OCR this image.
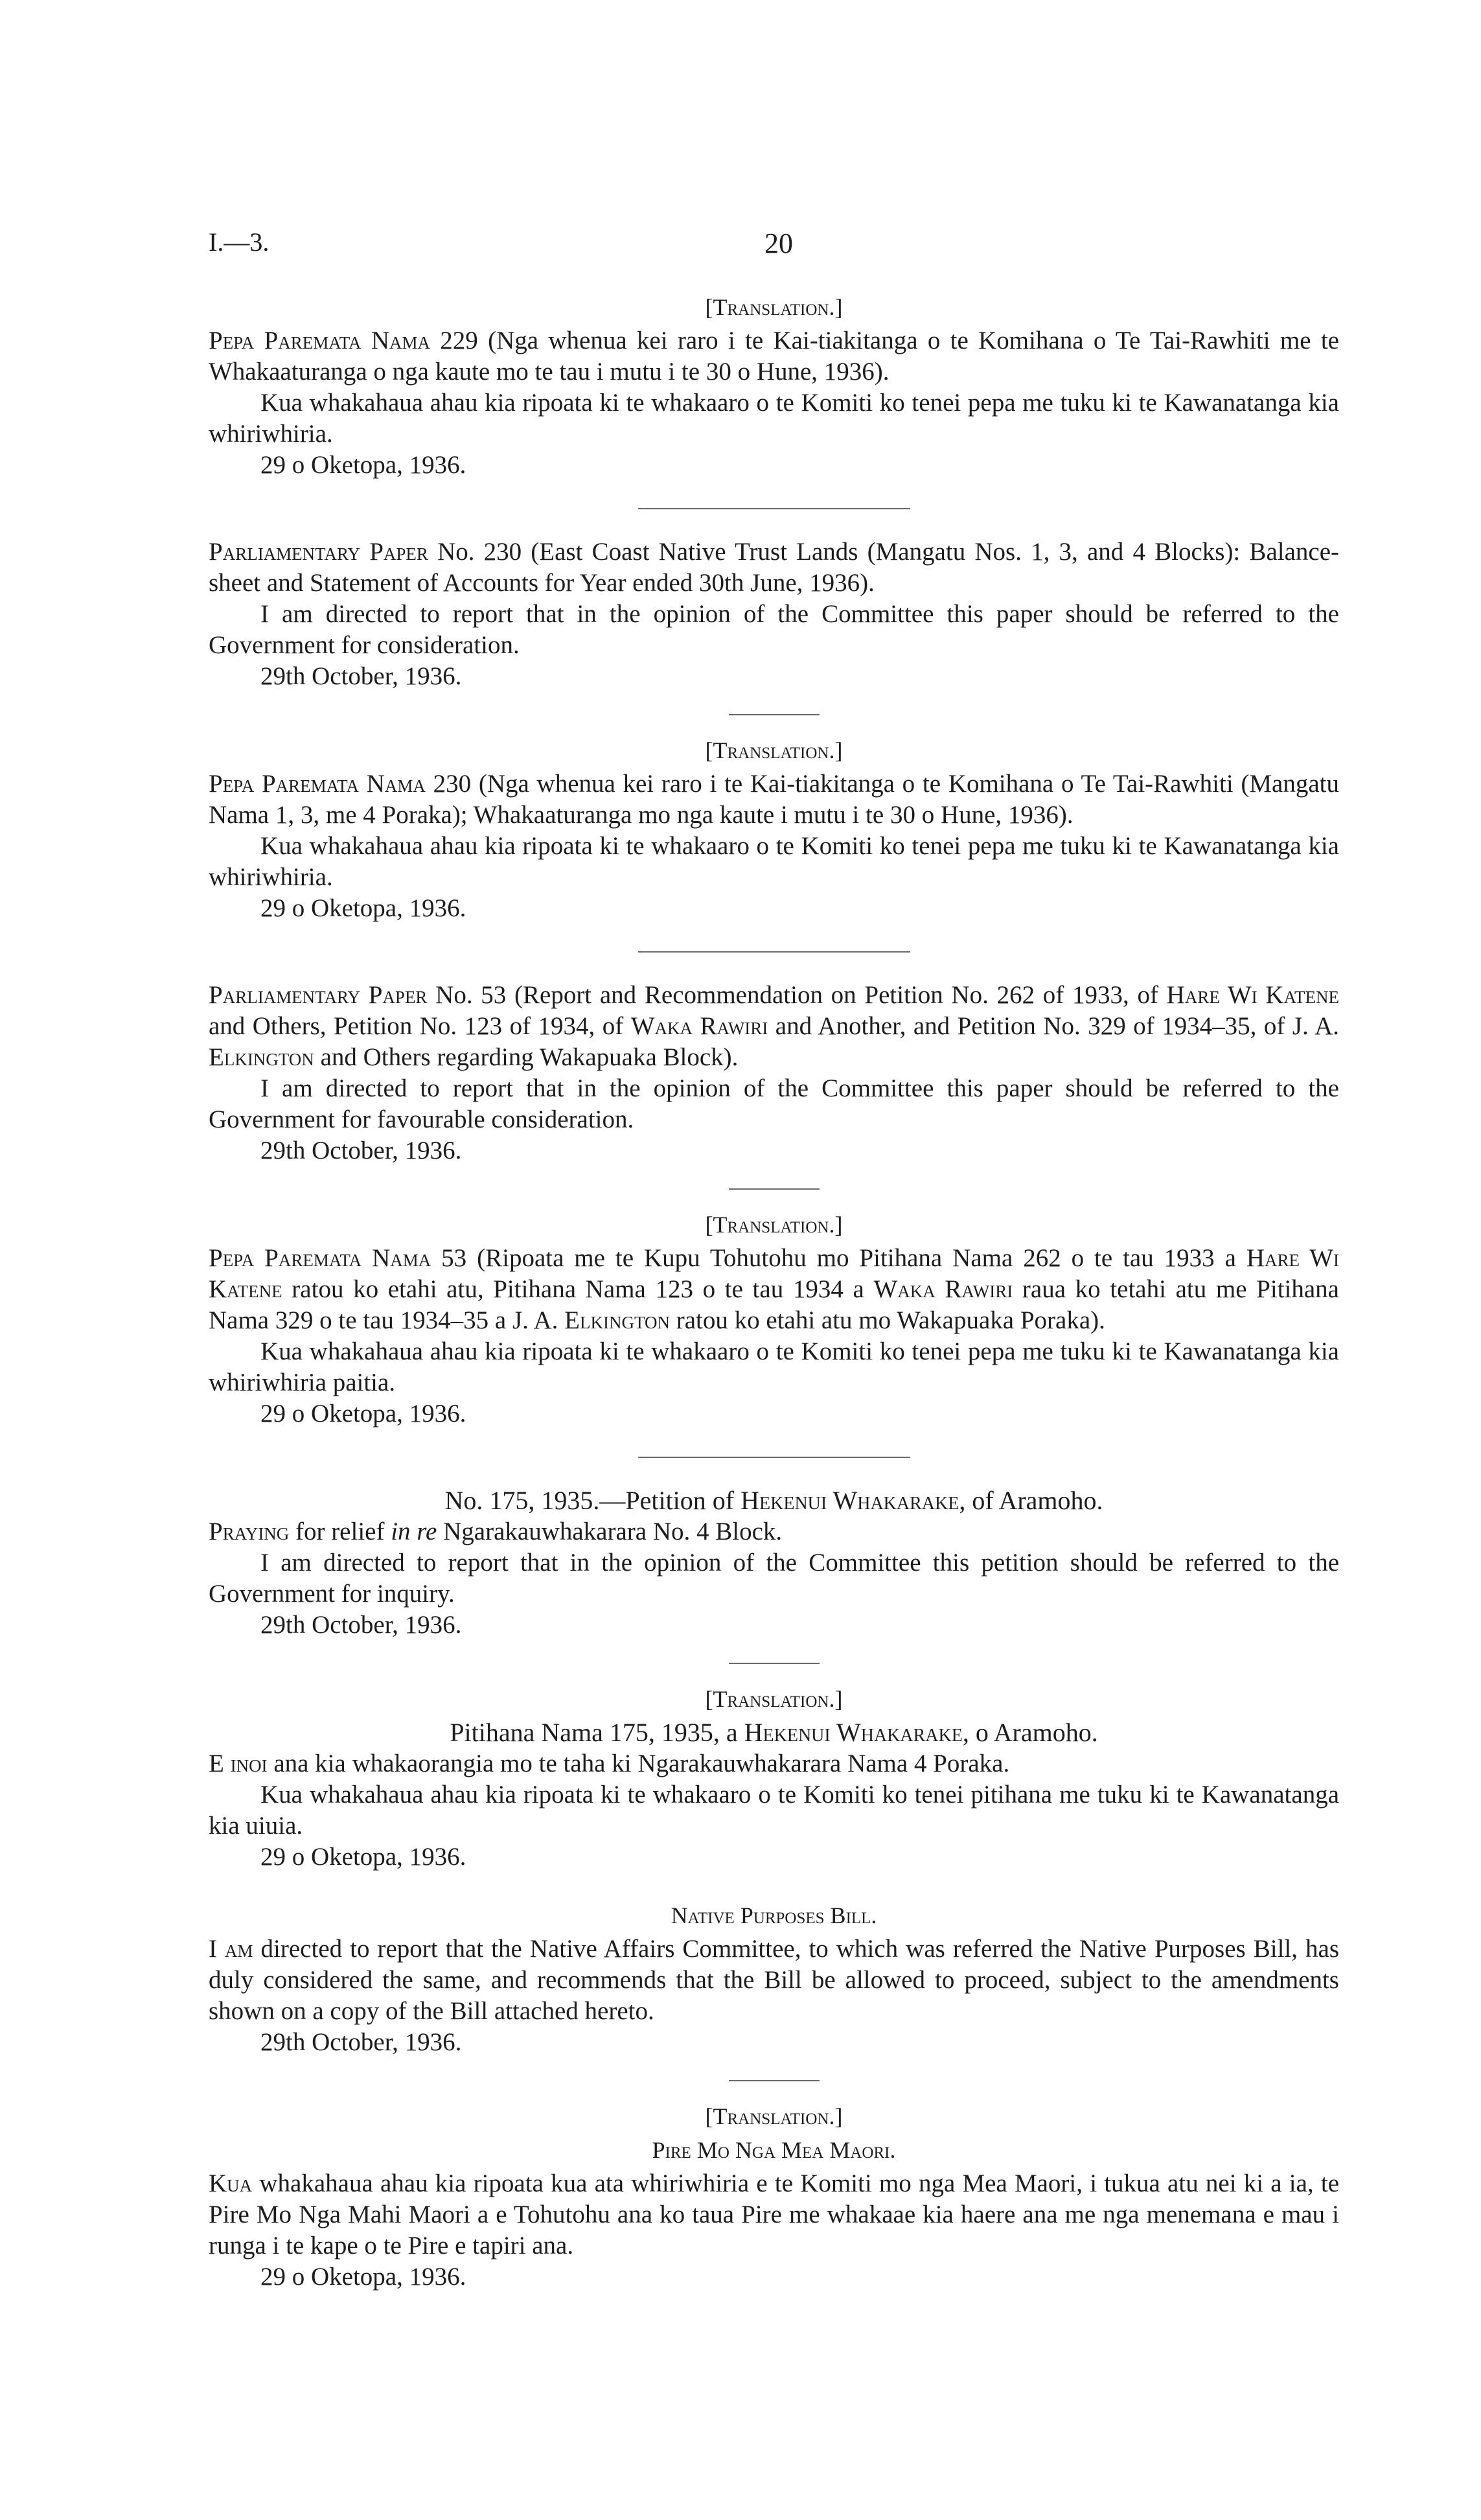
I.—3.	20

[Translation.]

Pepa Paremata Nama 229 (Nga whenua kei raro i te Kai-tiakitanga o te Komihana o Te Tai-Rawhiti me te Whakaaturanga o nga kaute mo te tau i mutu i te 30 o Hune, 1936).

Kua whakahaua ahau kia ripoata ki te whakaaro o te Komiti ko tenei pepa me tuku ki te Kawanatanga kia whiriwhiria.

29 o Oketopa, 1936.

Parliamentary Paper No. 230 (East Coast Native Trust Lands (Mangatu Nos. 1, 3, and 4 Blocks): Balance-sheet and Statement of Accounts for Year ended 30th June, 1936).

I am directed to report that in the opinion of the Committee this paper should be referred to the Government for consideration.

29th October, 1936.

[Translation.]

Pepa Paremata Nama 230 (Nga whenua kei raro i te Kai-tiakitanga o te Komihana o Te Tai-Rawhiti (Mangatu Nama 1, 3, me 4 Poraka); Whakaaturanga mo nga kaute i mutu i te 30 o Hune, 1936).

Kua whakahaua ahau kia ripoata ki te whakaaro o te Komiti ko tenei pepa me tuku ki te Kawanatanga kia whiriwhiria.

29 o Oketopa, 1936.

Parliamentary Paper No. 53 (Report and Recommendation on Petition No. 262 of 1933, of Hare Wi Katene and Others, Petition No. 123 of 1934, of Waka Rawiri and Another, and Petition No. 329 of 1934–35, of J. A. Elkington and Others regarding Wakapuaka Block).

I am directed to report that in the opinion of the Committee this paper should be referred to the Government for favourable consideration.

29th October, 1936.

[Translation.]

Pepa Paremata Nama 53 (Ripoata me te Kupu Tohutohu mo Pitihana Nama 262 o te tau 1933 a Hare Wi Katene ratou ko etahi atu, Pitihana Nama 123 o te tau 1934 a Waka Rawiri raua ko tetahi atu me Pitihana Nama 329 o te tau 1934–35 a J. A. Elkington ratou ko etahi atu mo Wakapuaka Poraka).

Kua whakahaua ahau kia ripoata ki te whakaaro o te Komiti ko tenei pepa me tuku ki te Kawanatanga kia whiriwhiria paitia.

29 o Oketopa, 1936.

No. 175, 1935.—Petition of Hekenui Whakarake, of Aramoho.

Praying for relief in re Ngarakauwhakarara No. 4 Block.

I am directed to report that in the opinion of the Committee this petition should be referred to the Government for inquiry.

29th October, 1936.

[Translation.]

Pitihana Nama 175, 1935, a Hekenui Whakarake, o Aramoho.

E inoi ana kia whakaorangia mo te taha ki Ngarakauwhakarara Nama 4 Poraka.

Kua whakahaua ahau kia ripoata ki te whakaaro o te Komiti ko tenei pitihana me tuku ki te Kawanatanga kia uiuia.

29 o Oketopa, 1936.

Native Purposes Bill.

I am directed to report that the Native Affairs Committee, to which was referred the Native Purposes Bill, has duly considered the same, and recommends that the Bill be allowed to proceed, subject to the amendments shown on a copy of the Bill attached hereto.

29th October, 1936.

[Translation.]

Pire Mo Nga Mea Maori.

Kua whakahaua ahau kia ripoata kua ata whiriwhiria e te Komiti mo nga Mea Maori, i tukua atu nei ki a ia, te Pire Mo Nga Mahi Maori a e Tohutohu ana ko taua Pire me whakaae kia haere ana me nga menemana e mau i runga i te kape o te Pire e tapiri ana.

29 o Oketopa, 1936.
